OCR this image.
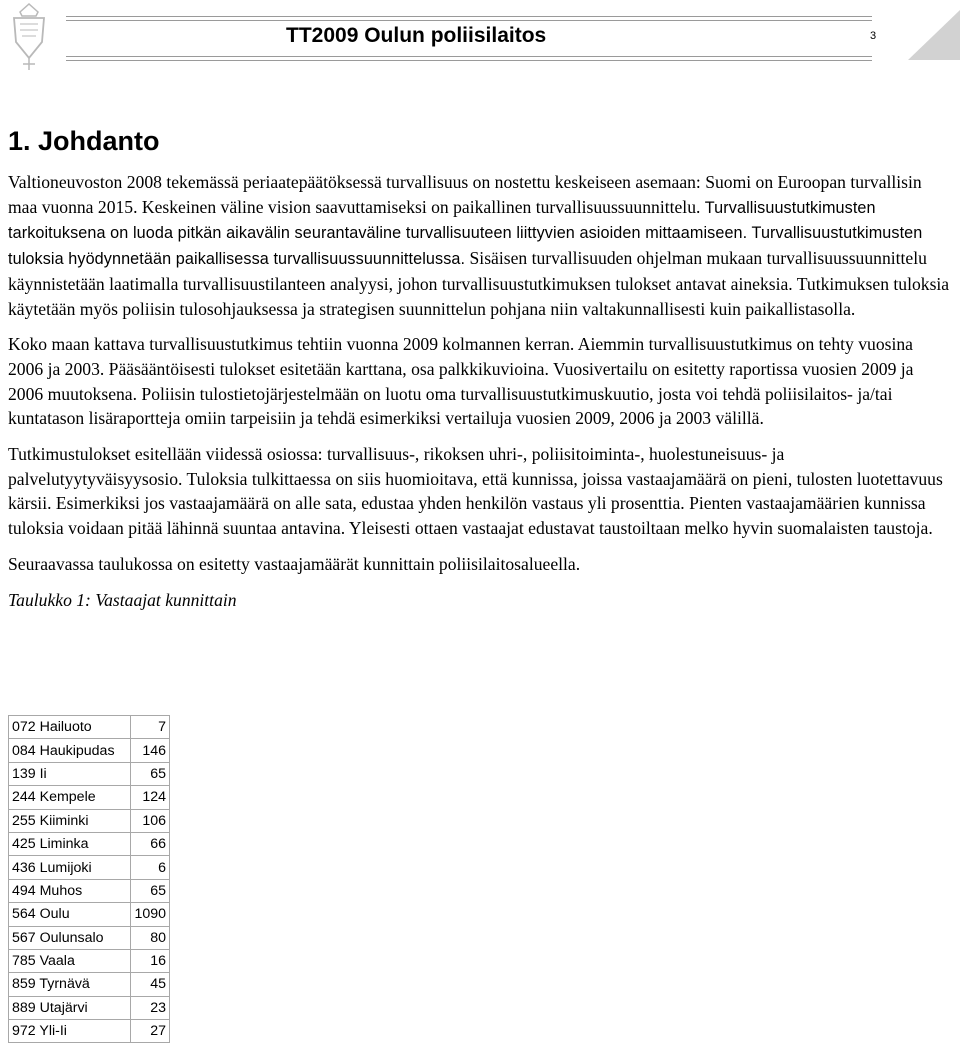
TT2009 Oulun poliisilaitos	3
1. Johdanto

Valtioneuvoston 2008 tekemässä periaatepäätöksessä turvallisuus on nostettu keskeiseen asemaan: Suomi on Euroopan turvallisin maa vuonna 2015. Keskeinen väline vision saavuttamiseksi on paikallinen turvallisuussuunnittelu. Turvallisuustutkimusten tarkoituksena on luoda pitkän aikavälin seurantaväline turvallisuuteen liittyvien asioiden mittaamiseen. Turvallisuustutkimusten tuloksia hyödynnetään paikallisessa turvallisuussuunnittelussa. Sisäisen turvallisuuden ohjelman mukaan turvallisuussuunnittelu käynnistetään laatimalla turvallisuustilanteen analyysi, johon turvallisuustutkimuksen tulokset antavat aineksia. Tutkimuksen tuloksia käytetään myös poliisin tulosohjauksessa ja strategisen suunnittelun pohjana niin valtakunnallisesti kuin paikallistasolla.

Koko maan kattava turvallisuustutkimus tehtiin vuonna 2009 kolmannen kerran. Aiemmin turvallisuustutkimus on tehty vuosina 2006 ja 2003. Pääsääntöisesti tulokset esitetään karttana, osa palkkikuvioina. Vuosivertailu on esitetty raportissa vuosien 2009 ja 2006 muutoksena. Poliisin tulostietojärjestelmään on luotu oma turvallisuustutkimuskuutio, josta voi tehdä poliisilaitos- ja/tai kuntatason lisäraportteja omiin tarpeisiin ja tehdä esimerkiksi vertailuja vuosien 2009, 2006 ja 2003 välillä.

Tutkimustulokset esitellään viidessä osiossa: turvallisuus-, rikoksen uhri-, poliisitoiminta-, huolestuneisuus- ja palvelutyytyväisyysosio. Tuloksia tulkittaessa on siis huomioitava, että kunnissa, joissa vastaajamäärä on pieni, tulosten luotettavuus kärsii. Esimerkiksi jos vastaajamäärä on alle sata, edustaa yhden henkilön vastaus yli prosenttia. Pienten vastaajamäärien kunnissa tuloksia voidaan pitää lähinnä suuntaa antavina. Yleisesti ottaen vastaajat edustavat taustoiltaan melko hyvin suomalaisten taustoja.

Seuraavassa taulukossa on esitetty vastaajamäärät kunnittain poliisilaitosalueella.

Taulukko 1: Vastaajat kunnittain

072 Hailuoto	7
084 Haukipudas	146
139 Ii	65
244 Kempele	124
255 Kiiminki	106
425 Liminka	66
436 Lumijoki	6
494 Muhos	65
564 Oulu	1090
567 Oulunsalo	80
785 Vaala	16
859 Tyrnävä	45
889 Utajärvi	23
972 Yli-Ii	27
